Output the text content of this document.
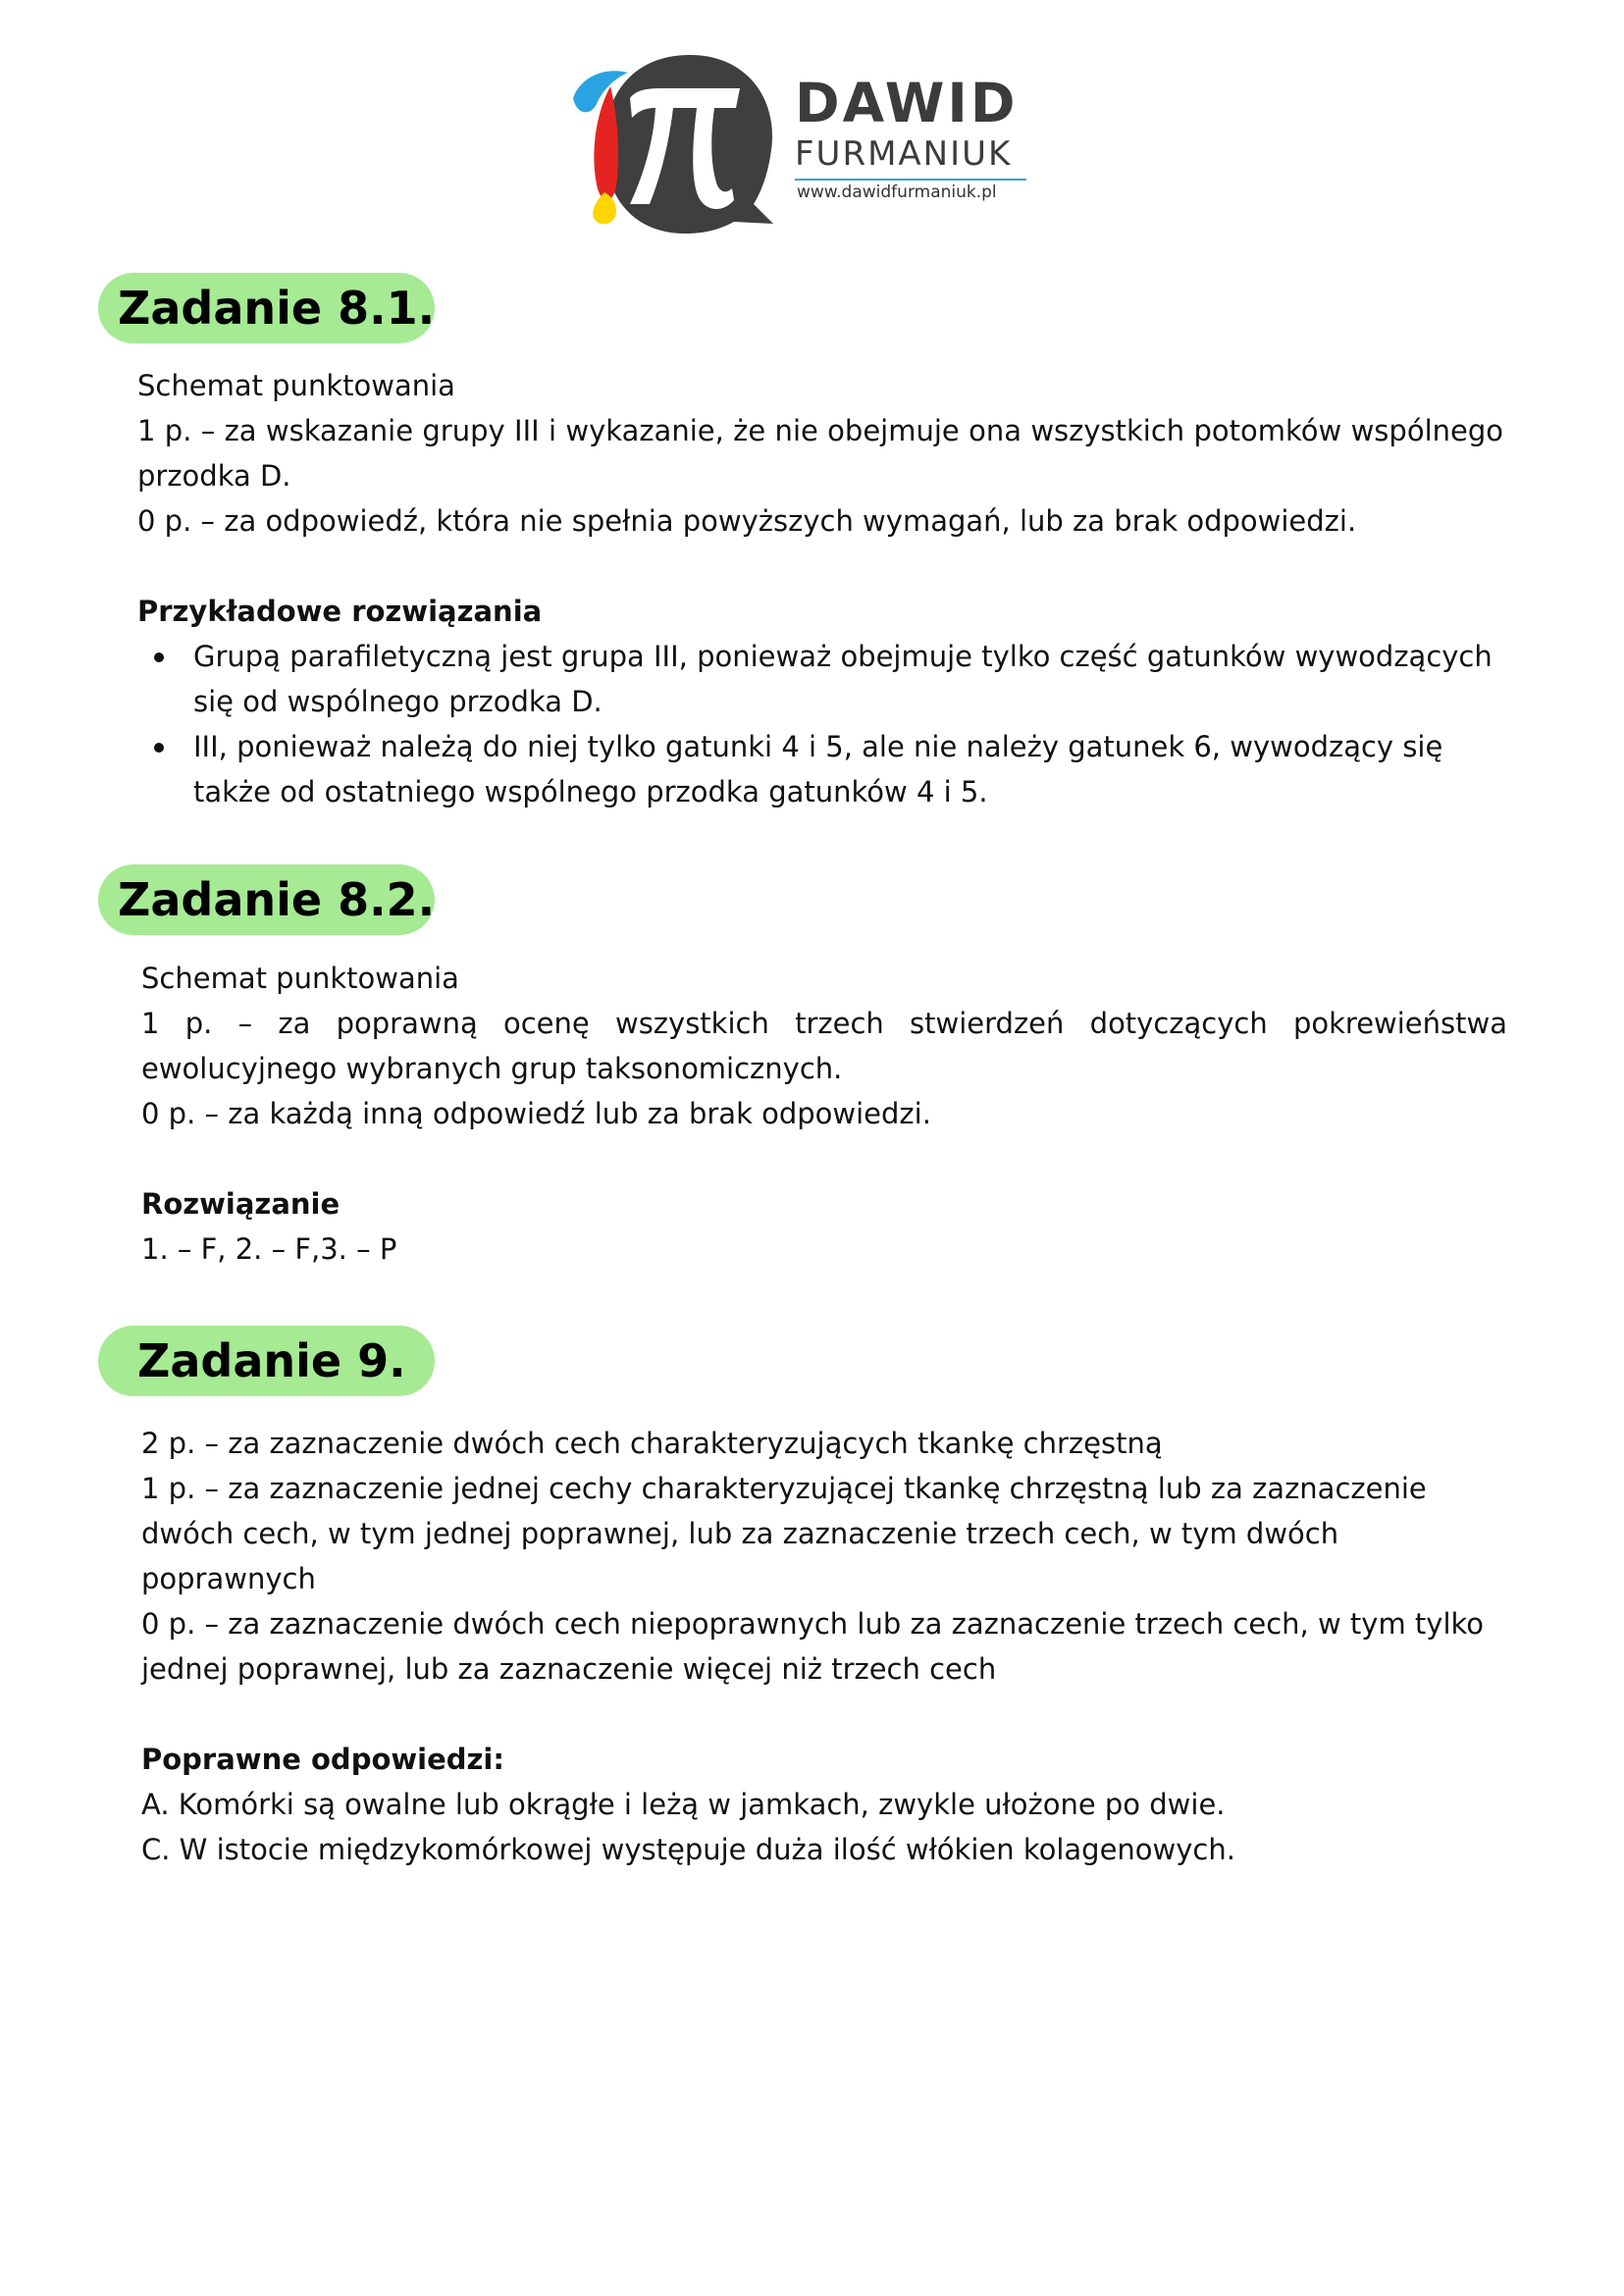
DAWID
FURMANIUK
www.dawidfurmaniuk.pl
Zadanie 8.1.

Schemat punktowania

1 p. – za wskazanie grupy III i wykazanie, że nie obejmuje ona wszystkich potomków wspólnego przodka D.

0 p. – za odpowiedź, która nie spełnia powyższych wymagań, lub za brak odpowiedzi.

Przykładowe rozwiązania

Grupą parafiletyczną jest grupa III, ponieważ obejmuje tylko część gatunków wywodzących się od wspólnego przodka D.
III, ponieważ należą do niej tylko gatunki 4 i 5, ale nie należy gatunek 6, wywodzący się także od ostatniego wspólnego przodka gatunków 4 i 5.
Zadanie 8.2.

Schemat punktowania

1 p. – za poprawną ocenę wszystkich trzech stwierdzeń dotyczących pokrewieństwa ewolucyjnego wybranych grup taksonomicznych.

0 p. – za każdą inną odpowiedź lub za brak odpowiedzi.

Rozwiązanie

1. – F, 2. – F,3. – P

Zadanie 9.

2 p. – za zaznaczenie dwóch cech charakteryzujących tkankę chrzęstną

1 p. – za zaznaczenie jednej cechy charakteryzującej tkankę chrzęstną lub za zaznaczenie dwóch cech, w tym jednej poprawnej, lub za zaznaczenie trzech cech, w tym dwóch poprawnych

0 p. – za zaznaczenie dwóch cech niepoprawnych lub za zaznaczenie trzech cech, w tym tylko jednej poprawnej, lub za zaznaczenie więcej niż trzech cech

Poprawne odpowiedzi:

A. Komórki są owalne lub okrągłe i leżą w jamkach, zwykle ułożone po dwie.

C. W istocie międzykomórkowej występuje duża ilość włókien kolagenowych.
